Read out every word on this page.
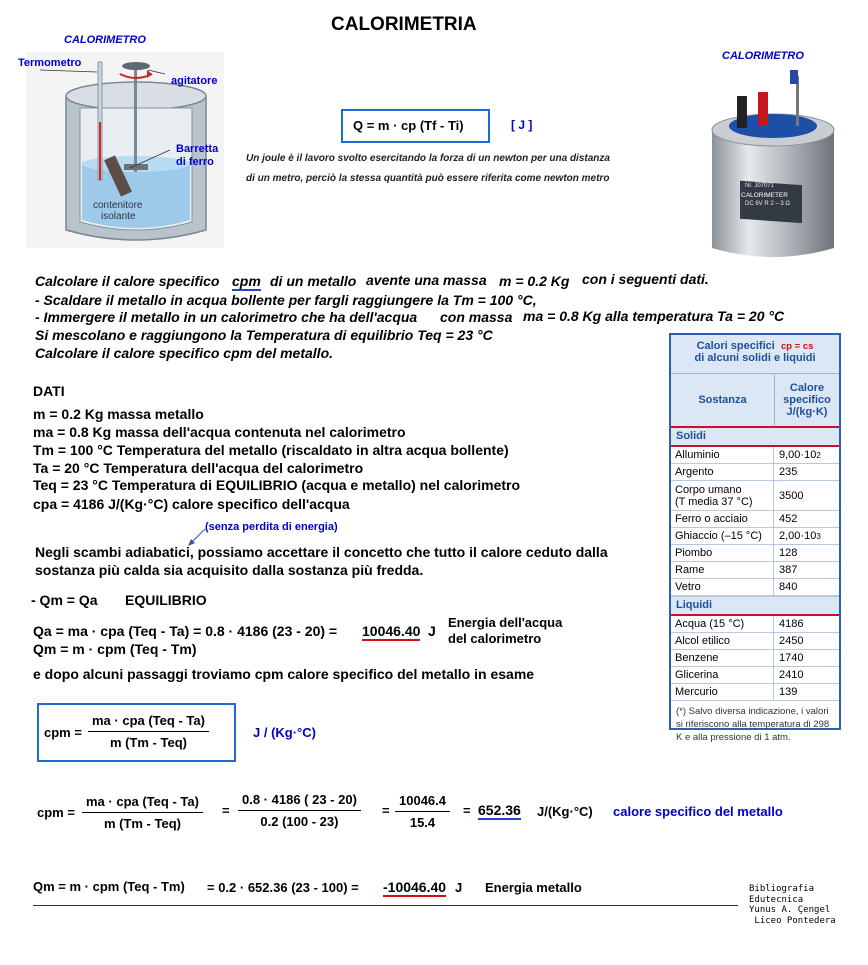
CALORIMETRIA
CALORIMETRO
Termometro
agitatore
Barretta
di ferro
contenitore
isolante
CALORIMETRO
Nr. J07071
CALORIMETER
DC 6V R 2 – 3 Ω
Q = m · cp (Tf - Ti)	[ J ]
Un joule è il lavoro svolto esercitando la forza di un newton per una distanza
di un metro, perciò la stessa quantità può essere riferita come newton metro
Calcolare il calore specifico cpm di un metallo avente una massa m = 0.2 Kg con i seguenti dati.
- Scaldare il metallo in acqua bollente per fargli raggiungere la Tm = 100 °C,
- Immergere il metallo in un calorimetro che ha dell'acqua con massa ma = 0.8 Kg alla temperatura Ta = 20 °C
Si mescolano e raggiungono la Temperatura di equilibrio Teq = 23 °C
Calcolare il calore specifico cpm del metallo.
DATI
m = 0.2 Kg massa metallo
ma = 0.8 Kg massa dell'acqua contenuta nel calorimetro
Tm = 100 °C Temperatura del metallo (riscaldato in altra acqua bollente)
Ta = 20 °C Temperatura dell'acqua del calorimetro
Teq = 23 °C Temperatura di EQUILIBRIO (acqua e metallo) nel calorimetro
cpa = 4186 J/(Kg·°C) calore specifico dell'acqua
(senza perdita di energia)
Negli scambi adiabatici, possiamo accettare il concetto che tutto il calore ceduto dalla
sostanza più calda sia acquisito dalla sostanza più fredda.
- Qm = Qa EQUILIBRIO
Qa = ma · cpa (Teq - Ta) = 0.8 · 4186 (23 - 20) = 10046.40 J
Energia dell'acqua
del calorimetro
Qm = m · cpm (Teq - Tm)
e dopo alcuni passaggi troviamo cpm calore specifico del metallo in esame
cpm =
ma · cpa (Teq - Ta)
m (Tm - Teq)
J / (Kg·°C)
cpm =
ma · cpa (Teq - Ta)
m (Tm - Teq)
= $\frac{0.8 \cdot 4186 ( 23 - 20)}{0.2 (100 - 23)} = \frac{10046.4}{15.4} = 652.36$ J/(Kg·°C) calore specifico del metallo
Qm = m · cpm (Teq - Tm) = 0.2 · 652.36 (23 - 100) = -10046.40 J Energia metallo	Bibliografia
Edutecnica
Yunus A. Çengel
Liceo Pontedera
Calori specifici cp = cs
di alcuni solidi e liquidi
Sostanza
Calore
specifico
J/(kg·K)
Solidi
Alluminio	9,00·10 2
Argento	235
Corpo umano
(T media 37 °C) 3500
Ferro o acciaio	452
Ghiaccio (–15 °C) 2,00·10 3
Piombo	128
Rame	387
Vetro	840
Liquidi
Acqua (15 °C)	4186
Alcol etilico	2450
Benzene	1740
Glicerina	2410
Mercurio	139
(*) Salvo diversa indicazione, i valori si riferiscono alla temperatura di 298 K e alla pressione di 1 atm.
